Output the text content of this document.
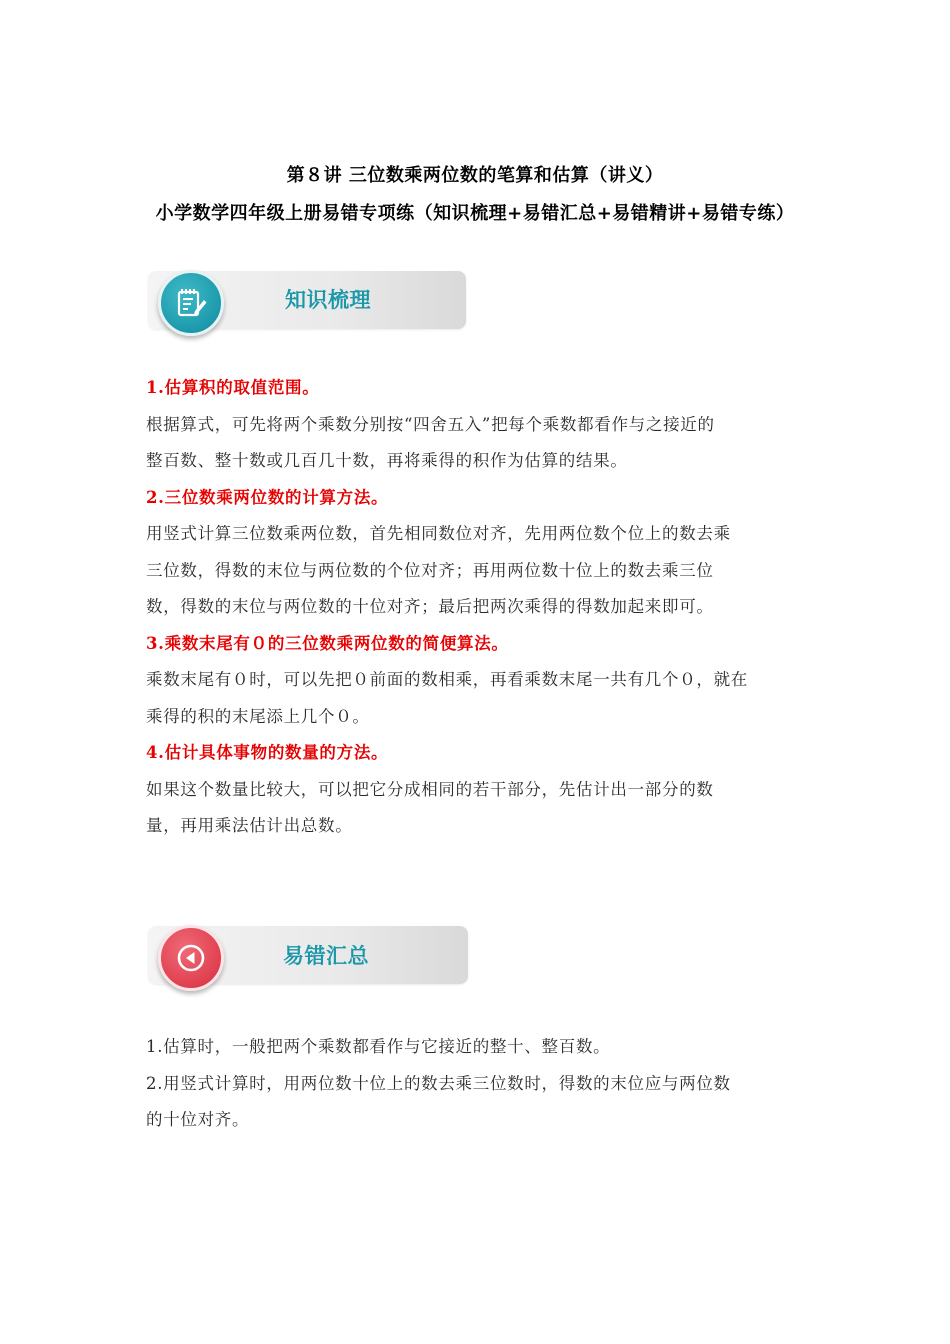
第８讲 三位数乘两位数的笔算和估算（讲义）
小学数学四年级上册易错专项练（知识梳理+易错汇总+易错精讲+易错专练）
知识梳理
1.估算积的取值范围。
根据算式，可先将两个乘数分别按“四舍五入”把每个乘数都看作与之接近的
整百数、整十数或几百几十数，再将乘得的积作为估算的结果。
2.三位数乘两位数的计算方法。
用竖式计算三位数乘两位数，首先相同数位对齐，先用两位数个位上的数去乘
三位数，得数的末位与两位数的个位对齐；再用两位数十位上的数去乘三位
数，得数的末位与两位数的十位对齐；最后把两次乘得的得数加起来即可。
3.乘数末尾有０的三位数乘两位数的简便算法。
乘数末尾有０时，可以先把０前面的数相乘，再看乘数末尾一共有几个０，就在
乘得的积的末尾添上几个０。
4.估计具体事物的数量的方法。
如果这个数量比较大，可以把它分成相同的若干部分，先估计出一部分的数
量，再用乘法估计出总数。
易错汇总
1.估算时，一般把两个乘数都看作与它接近的整十、整百数。
2.用竖式计算时，用两位数十位上的数去乘三位数时，得数的末位应与两位数
的十位对齐。
